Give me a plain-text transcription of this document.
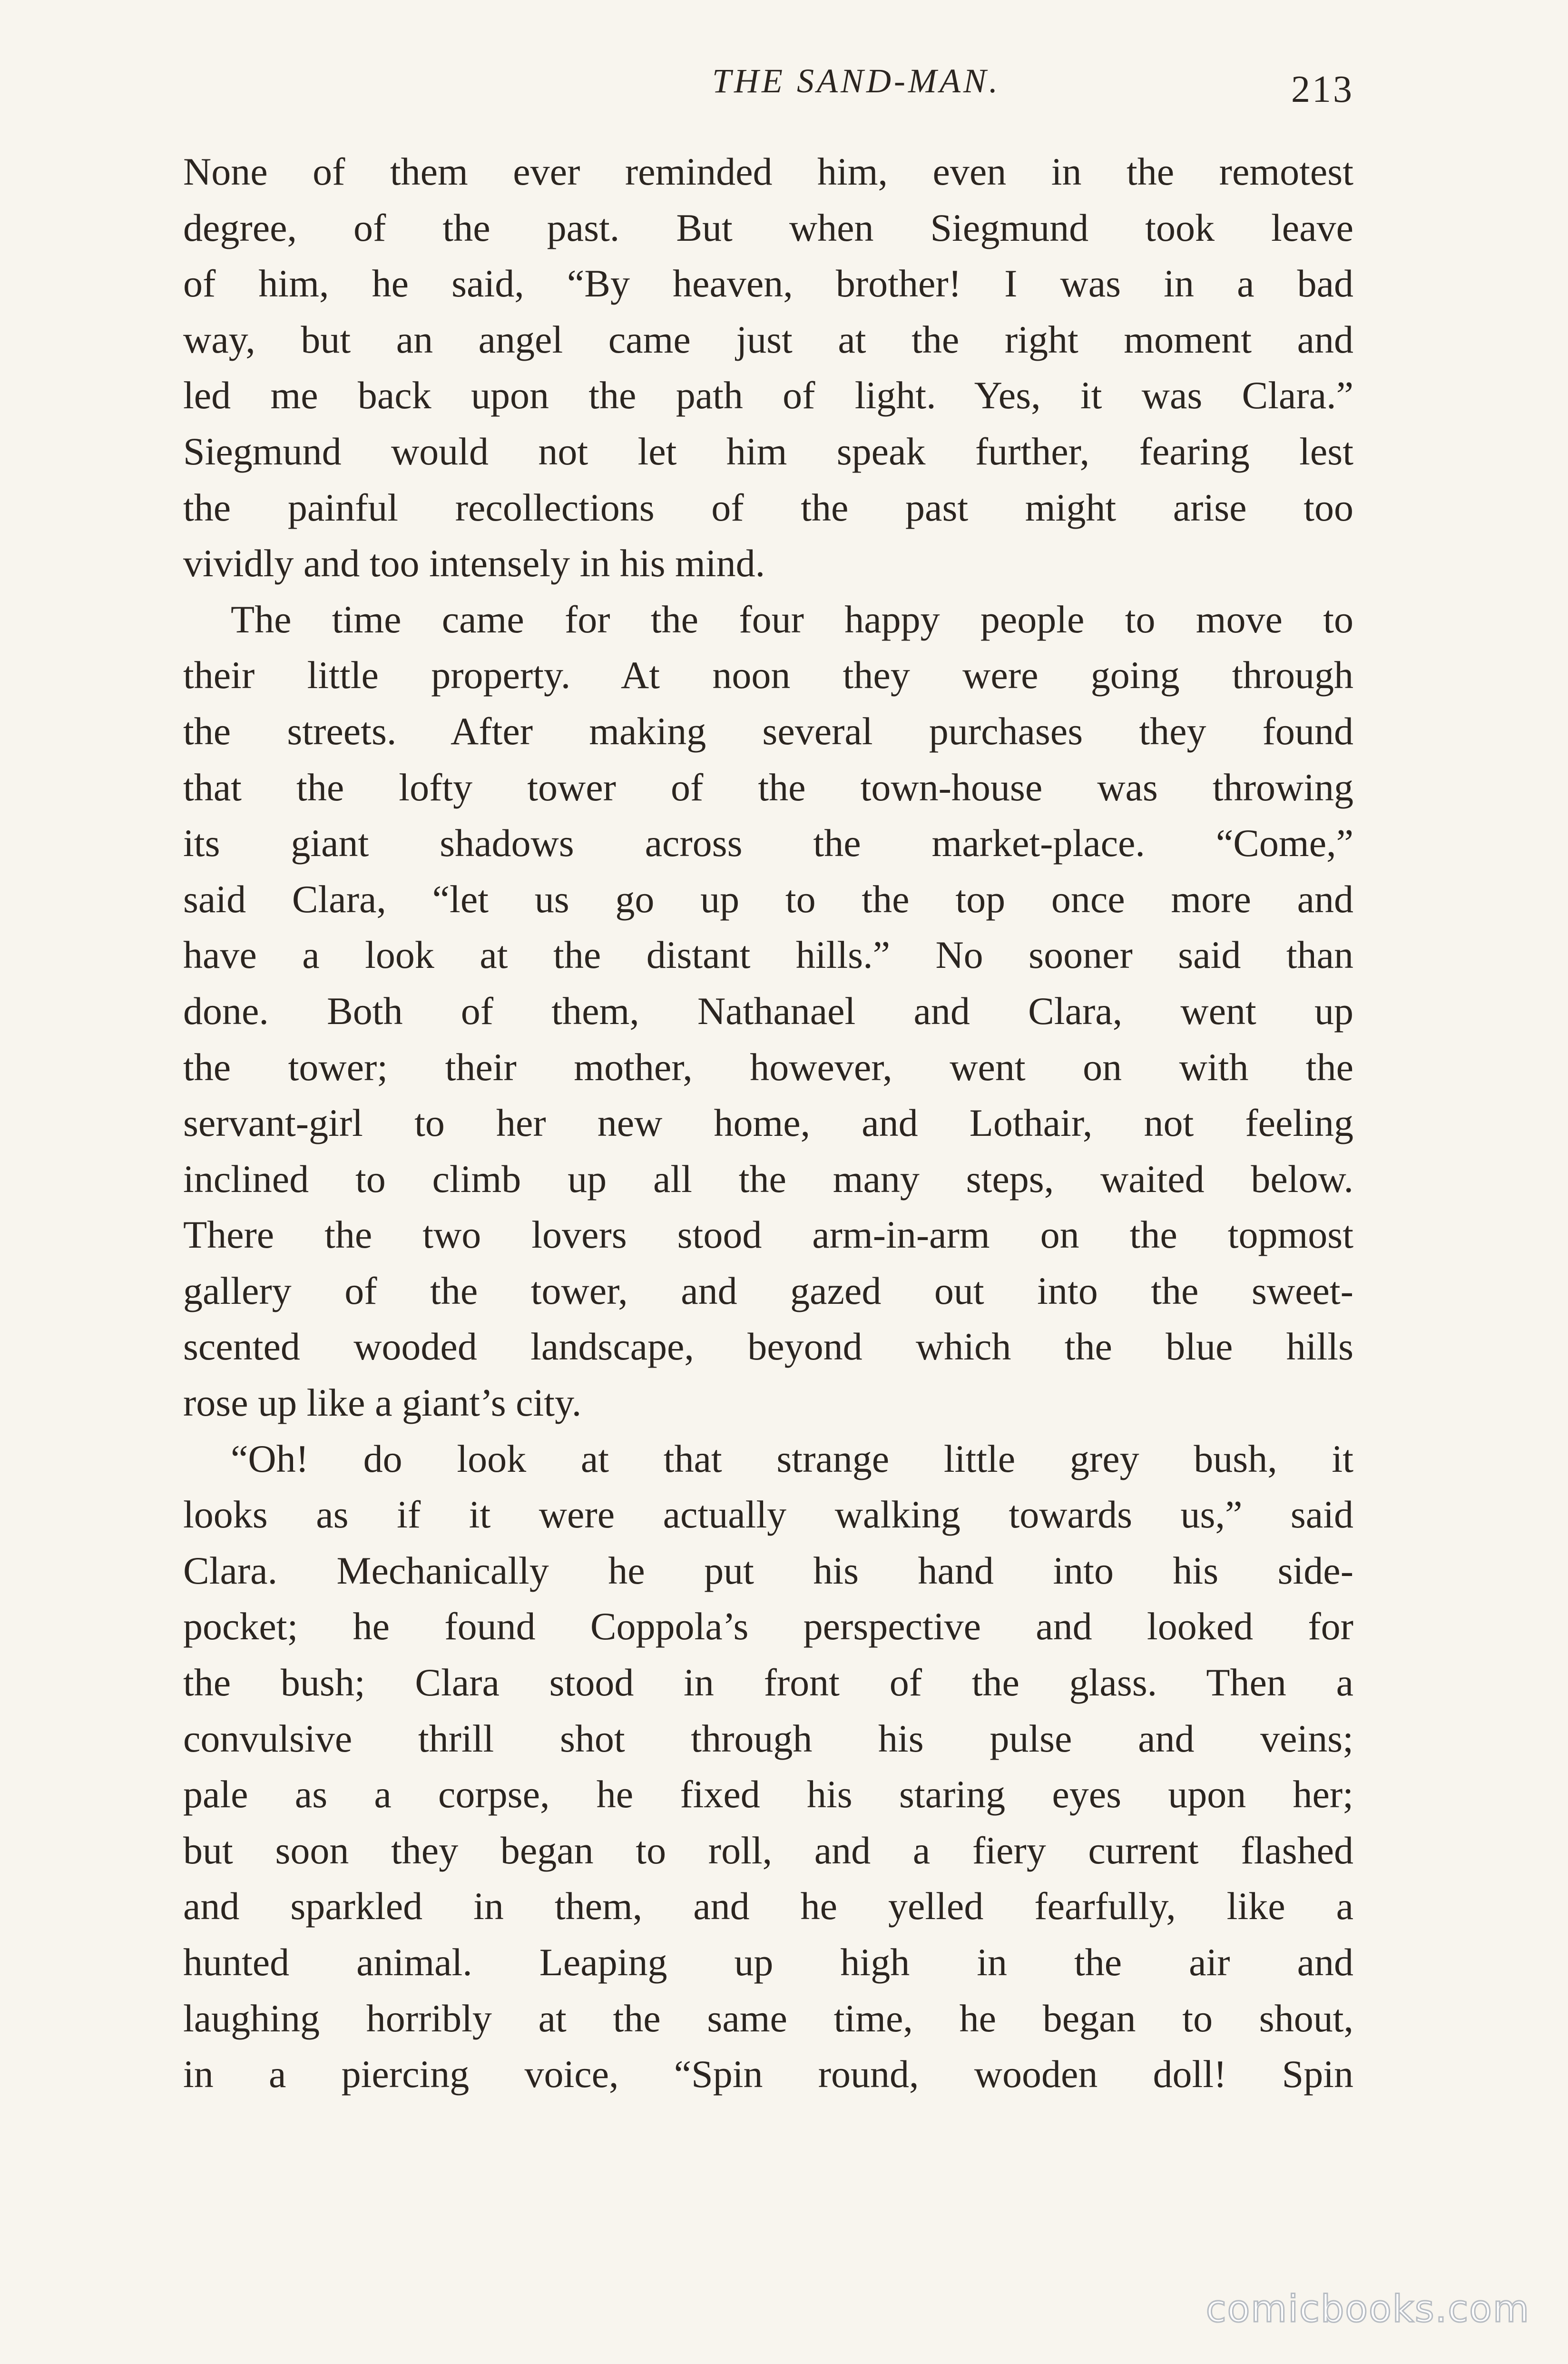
THE SAND-MAN.	213
None of them ever reminded him, even in the remotest
degree, of the past. But when Siegmund took leave
of him, he said, “By heaven, brother! I was in a bad
way, but an angel came just at the right moment and
led me back upon the path of light. Yes, it was Clara.”
Siegmund would not let him speak further, fearing lest
the painful recollections of the past might arise too
vividly and too intensely in his mind.
The time came for the four happy people to move to
their little property. At noon they were going through
the streets. After making several purchases they found
that the lofty tower of the town-house was throwing
its giant shadows across the market-place. “Come,”
said Clara, “let us go up to the top once more and
have a look at the distant hills.” No sooner said than
done. Both of them, Nathanael and Clara, went up
the tower; their mother, however, went on with the
servant-girl to her new home, and Lothair, not feeling
inclined to climb up all the many steps, waited below.
There the two lovers stood arm-in-arm on the topmost
gallery of the tower, and gazed out into the sweet-
scented wooded landscape, beyond which the blue hills
rose up like a giant’s city.
“Oh! do look at that strange little grey bush, it
looks as if it were actually walking towards us,” said
Clara. Mechanically he put his hand into his side-
pocket; he found Coppola’s perspective and looked for
the bush; Clara stood in front of the glass. Then a
convulsive thrill shot through his pulse and veins;
pale as a corpse, he fixed his staring eyes upon her;
but soon they began to roll, and a fiery current flashed
and sparkled in them, and he yelled fearfully, like a
hunted animal. Leaping up high in the air and
laughing horribly at the same time, he began to shout,
in a piercing voice, “Spin round, wooden doll! Spin
comicbooks.com
